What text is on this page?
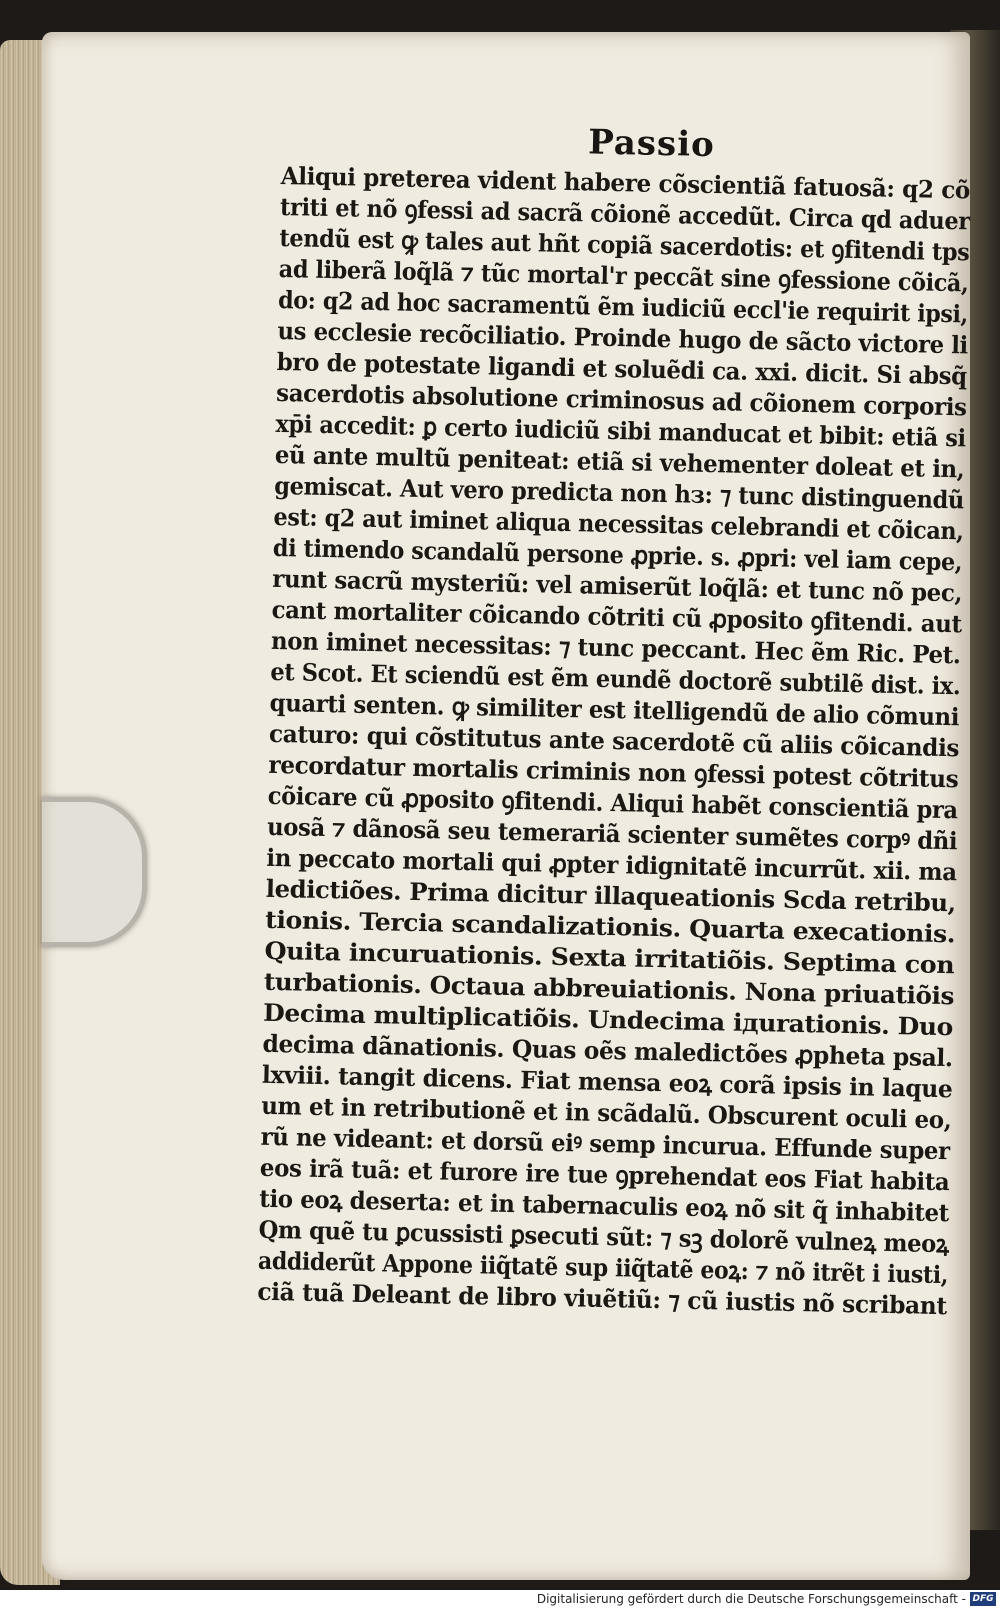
Passio
Aliqui preterea vident habere cõscientiã fatuosã: q2 cõ
triti et nõ ꝯfessi ad sacrã cõionẽ accedũt. Circa qd aduer
tendũ est ꝙ tales aut hñt copiã sacerdotis: et ꝯfitendi tps
ad liberã loq̃lã ⁊ tũc mortal'r peccãt sine ꝯfessione cõicã,
do: q2 ad hoc sacramentũ ẽm iudiciũ eccl'ie requirit ipsi,
us ecclesie recõciliatio. Proinde hugo de sãcto victore li
bro de potestate ligandi et soluẽdi ca. xxi. dicit. Si absq̃
sacerdotis absolutione criminosus ad cõionem corporis
xp̄i accedit: ꝑ certo iudiciũ sibi manducat et bibit: etiã si
eũ ante multũ peniteat: etiã si vehementer doleat et in,
gemiscat. Aut vero predicta non hз: ⁊ tunc distinguendũ
est: q2 aut iminet aliqua necessitas celebrandi et cõican,
di timendo scandalũ persone ꝓprie. s. ꝓpri: vel iam cepe,
runt sacrũ mysteriũ: vel amiserũt loq̃lã: et tunc nõ pec,
cant mortaliter cõicando cõtriti cũ ꝓposito ꝯfitendi. aut
non iminet necessitas: ⁊ tunc peccant. Hec ẽm Ric. Pet.
et Scot. Et sciendũ est ẽm eundẽ doctorẽ subtilẽ dist. ix.
quarti senten. ꝙ similiter est itelligendũ de alio cõmuni
caturo: qui cõstitutus ante sacerdotẽ cũ aliis cõicandis
recordatur mortalis criminis non ꝯfessi potest cõtritus
cõicare cũ ꝓposito ꝯfitendi. Aliqui habẽt conscientiã pra
uosã ⁊ dãnosã seu temerariã scienter sumẽtes corpꝰ dñi
in peccato mortali qui ꝓpter idignitatẽ incurrũt. xii. ma
ledictiões. Prima dicitur illaqueationis Scda retribu,
tionis. Tercia scandalizationis. Quarta execationis.
Quita incuruationis. Sexta irritatiõis. Septima con
turbationis. Octaua abbreuiationis. Nona priuatiõis
Decima multiplicatiõis. Undecima iдurationis. Duo
decima dãnationis. Quas oẽs maledictões ꝓpheta psal.
lxviii. tangit dicens. Fiat mensa eoꝝ corã ipsis in laque
um et in retributionẽ et in scãdalũ. Obscurent oculi eo,
rũ ne videant: et dorsũ eiꝰ semp incurua. Effunde super
eos irã tuã: et furore ire tue ꝯprehendat eos Fiat habita
tio eoꝝ deserta: et in tabernaculis eoꝝ nõ sit q̃ inhabitet
Qm quẽ tu ꝑcussisti ꝑsecuti sũt: ⁊ sꝫ dolorẽ vulneꝝ meoꝝ
addiderũt Appone iiq̃tatẽ sup iiq̃tatẽ eoꝝ: ⁊ nõ itrẽt i iusti,
ciã tuã Deleant de libro viuẽtiũ: ⁊ cũ iustis nõ scribant
Digitalisierung gefördert durch die Deutsche Forschungsgemeinschaft - DFG
